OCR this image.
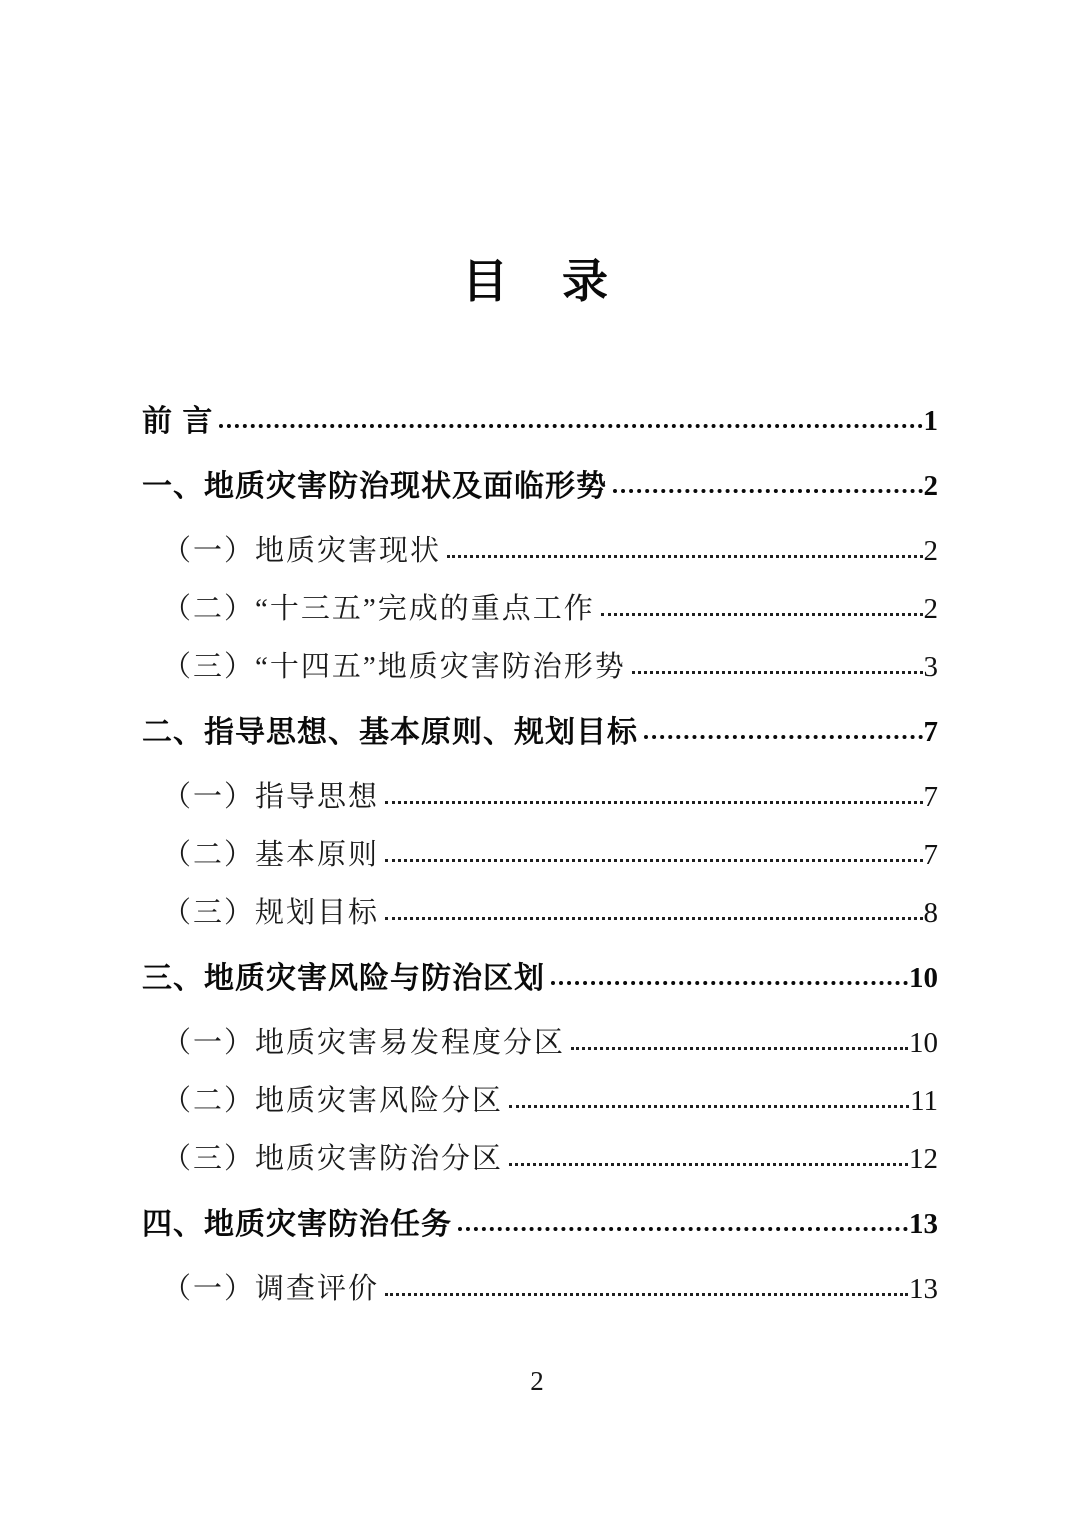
目　录
前 言	1
一、地质灾害防治现状及面临形势	2
（一）地质灾害现状	2
（二）“十三五”完成的重点工作	2
（三）“十四五”地质灾害防治形势	3
二、指导思想、基本原则、规划目标	7
（一）指导思想	7
（二）基本原则	7
（三）规划目标	8
三、地质灾害风险与防治区划	10
（一）地质灾害易发程度分区	10
（二）地质灾害风险分区	11
（三）地质灾害防治分区	12
四、地质灾害防治任务	13
（一）调查评价	13
2
